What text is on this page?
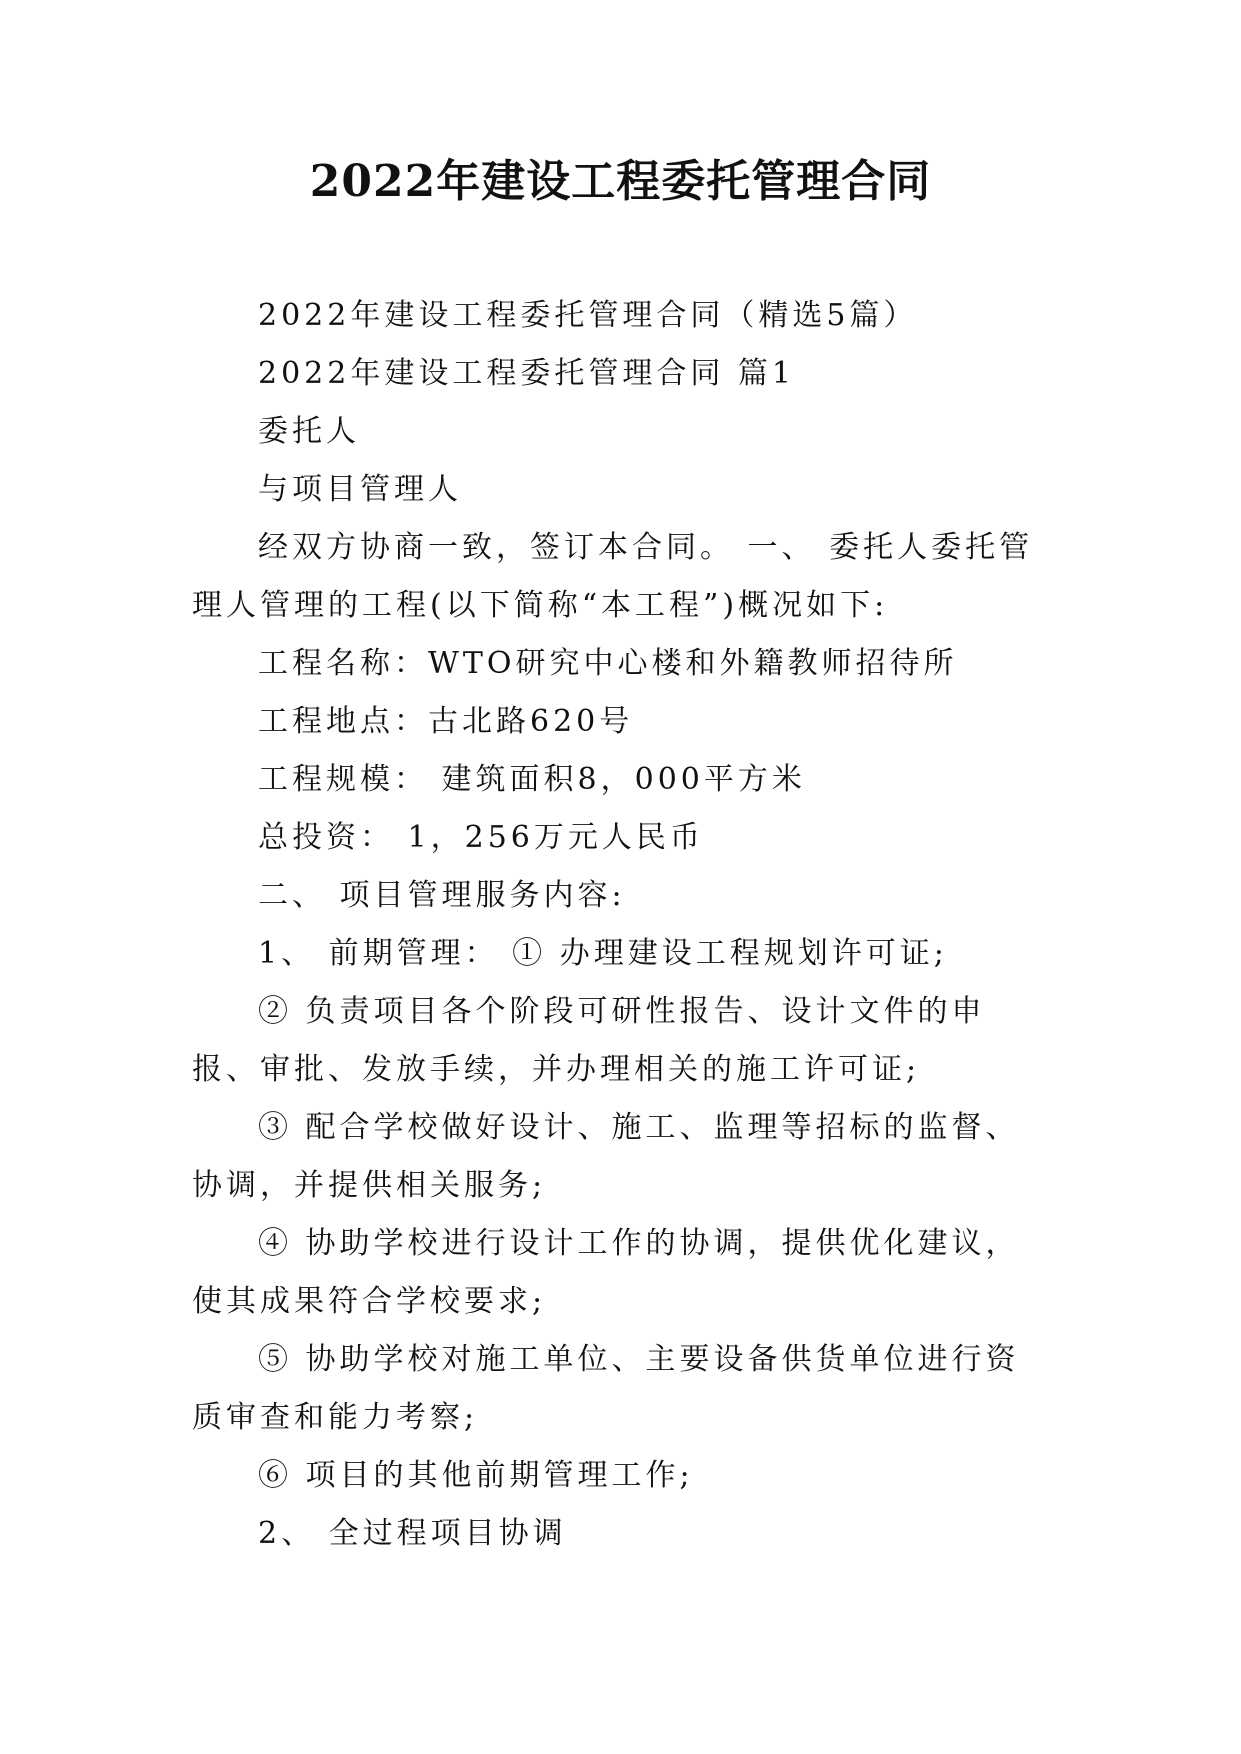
2022年建设工程委托管理合同

2022年建设工程委托管理合同（精选5篇）

2022年建设工程委托管理合同 篇1

委托人

与项目管理人

经双方协商一致，签订本合同。 一、 委托人委托管理人管理的工程(以下简称“本工程”)概况如下:

工程名称：WTO研究中心楼和外籍教师招待所

工程地点：古北路620号

工程规模： 建筑面积8，000平方米

总投资： 1，256万元人民币

二、 项目管理服务内容:

1、 前期管理： ① 办理建设工程规划许可证;

② 负责项目各个阶段可研性报告、设计文件的申报、审批、发放手续，并办理相关的施工许可证;

③ 配合学校做好设计、施工、监理等招标的监督、协调，并提供相关服务;

④ 协助学校进行设计工作的协调，提供优化建议，使其成果符合学校要求;

⑤ 协助学校对施工单位、主要设备供货单位进行资质审查和能力考察;

⑥ 项目的其他前期管理工作;

2、 全过程项目协调
